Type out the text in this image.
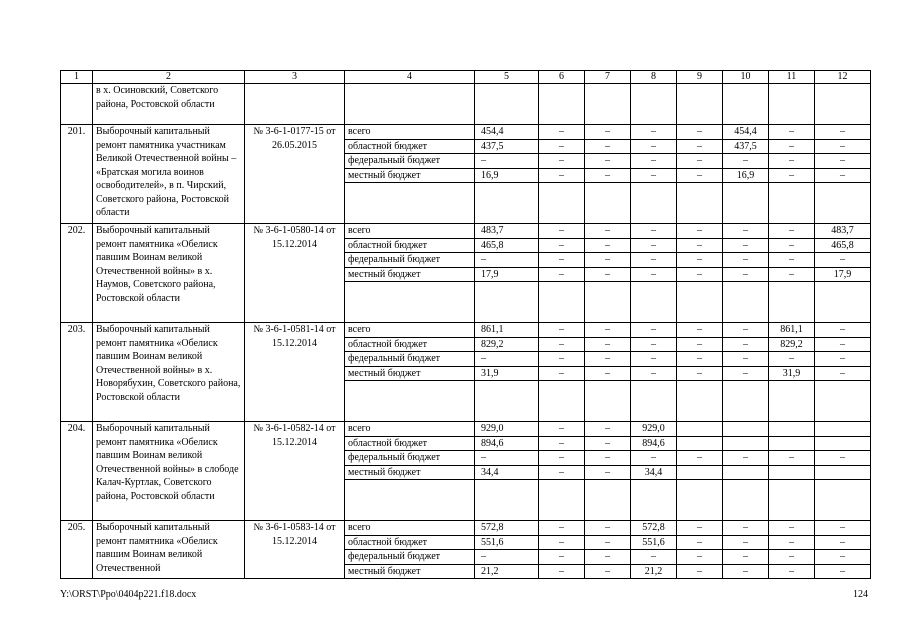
1	2	3	4	5	6	7	8	9	10	11	12
	в х. Осиновский, Советского района, Ростовской области										
201.	Выборочный капитальный ремонт памятника участникам Великой Отечественной войны – «Братская могила воинов освободителей», в п. Чирский, Советского района, Ростовской области	№ 3-6-1-0177-15 от 26.05.2015	всего	454,4	–	–	–	–	454,4	–	–
			областной бюджет	437,5	–	–	–	–	437,5	–	–
			федеральный бюджет	–	–	–	–	–	–	–	–
			местный бюджет	16,9	–	–	–	–	16,9	–	–

202.	Выборочный капитальный ремонт памятника «Обелиск павшим Воинам великой Отечественной войны» в х. Наумов, Советского района, Ростовской области	№ 3-6-1-0580-14 от 15.12.2014	всего	483,7	–	–	–	–	–	–	483,7
			областной бюджет	465,8	–	–	–	–	–	–	465,8
			федеральный бюджет	–	–	–	–	–	–	–	–
			местный бюджет	17,9	–	–	–	–	–	–	17,9

203.	Выборочный капитальный ремонт памятника «Обелиск павшим Воинам великой Отечественной войны» в х. Новорябухин, Советского района, Ростовской области	№ 3-6-1-0581-14 от 15.12.2014	всего	861,1	–	–	–	–	–	861,1	–
			областной бюджет	829,2	–	–	–	–	–	829,2	–
			федеральный бюджет	–	–	–	–	–	–	–	–
			местный бюджет	31,9	–	–	–	–	–	31,9	–

204.	Выборочный капитальный ремонт памятника «Обелиск павшим Воинам великой Отечественной войны» в слободе Калач-Куртлак, Советского района, Ростовской области	№ 3-6-1-0582-14 от 15.12.2014	всего	929,0	–	–	929,0				
			областной бюджет	894,6	–	–	894,6				
			федеральный бюджет	–	–	–	–	–	–	–	–
			местный бюджет	34,4	–	–	34,4				

205.	Выборочный капитальный ремонт памятника «Обелиск павшим Воинам великой Отечественной	№ 3-6-1-0583-14 от 15.12.2014	всего	572,8	–	–	572,8	–	–	–	–
			областной бюджет	551,6	–	–	551,6	–	–	–	–
			федеральный бюджет	–	–	–	–	–	–	–	–
			местный бюджет	21,2	–	–	21,2	–	–	–	–
Y:\ORST\Ppo\0404p221.f18.docx	124
